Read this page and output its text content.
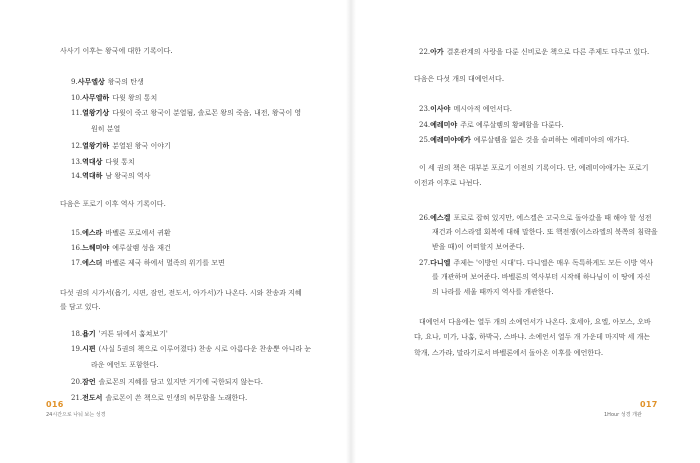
사사기 이후는 왕국에 대한 기록이다.
9.사무엘상 왕국의 탄생
10.사무엘하 다윗 왕의 통치
11.열왕기상 다윗이 죽고 왕국이 분열됨, 솔로몬 왕의 죽음, 내전, 왕국이 영
원히 분열
12.열왕기하 분열된 왕국 이야기
13.역대상 다윗 통치
14.역대하 남 왕국의 역사
다음은 포로기 이후 역사 기록이다.
15.에스라 바벨론 포로에서 귀환
16.느헤미야 예루살렘 성읍 재건
17.에스더 바벨론 제국 하에서 멸족의 위기를 모면
다섯 권의 시가서(욥기, 시편, 잠언, 전도서, 아가서)가 나온다. 시와 찬송과 지혜
를 담고 있다.
18.욥기 '커튼 뒤에서 훔쳐보기'
19.시편 (사실 5권의 책으로 이루어졌다) 찬송 시로 아름다운 찬송뿐 아니라 눈
라운 예언도 포함한다.
20.잠언 솔로몬의 지혜를 담고 있지만 거기에 국한되지 않는다.
21.전도서 솔로몬이 쓴 책으로 인생의 허무함을 노래한다.
22.아가 결혼관계의 사랑을 다룬 신비로운 책으로 다른 주제도 다루고 있다.
다음은 다섯 개의 대예언서다.
23.이사야 메시아적 예언서다.
24.예레미야 주로 예루살렘의 황폐함을 다룬다.
25.예레미야애가 예루살렘을 잃은 것을 슬퍼하는 예레미야의 애가다.
이 세 권의 책은 대부분 포로기 이전의 기록이다. 단, 예레미야애가는 포로기
이전과 이후로 나뉜다.
26.에스겔 포로로 잡혀 있지만, 에스겔은 고국으로 돌아갔을 때 해야 할 성전
재건과 이스라엘 회복에 대해 말한다. 또 핵전쟁(이스라엘의 북쪽의 침략을
받을 때)이 어떠할지 보여준다.
27.다니엘 주제는 '이방인 시대'다. 다니엘은 매우 독특하게도 모든 이방 역사
를 개관하며 보여준다. 바벨론의 역사부터 시작해 하나님이 이 땅에 자신
의 나라를 세울 때까지 역사를 개관한다.
대예언서 다음에는 열두 개의 소예언서가 나온다. 호세아, 요엘, 아모스, 오바
댜, 요나, 미가, 나훔, 하박국, 스바냐. 소예언서 열두 개 가운데 마지막 세 개는
학개, 스가랴, 말라기로서 바벨론에서 돌아온 이후를 예언한다.
016
24시간으로 나눠 보는 성경
017
1Hour 성경 개관
